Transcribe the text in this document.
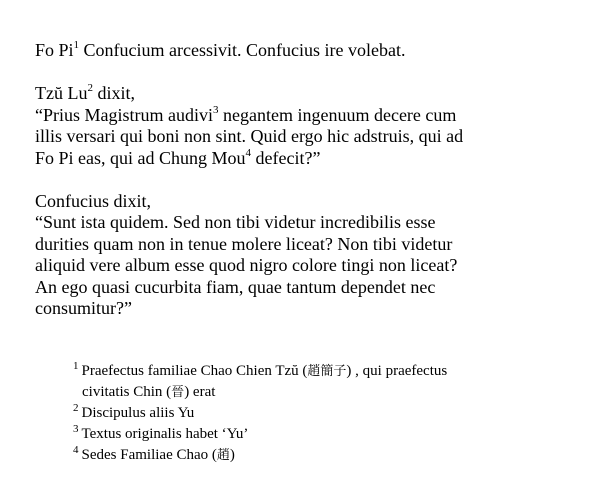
Fo Pi$^1$ Confucium arcessivit. Confucius ire volebat.
Tzŭ Lu$^2$ dixit,
“Prius Magistrum audivi$^3$ negantem ingenuum decere cum
illis versari qui boni non sint. Quid ergo hic adstruis, qui ad
Fo Pi eas, qui ad Chung Mou$^4$ defecit?”
Confucius dixit,
“Sunt ista quidem. Sed non tibi videtur incredibilis esse
durities quam non in tenue molere liceat? Non tibi videtur
aliquid vere album esse quod nigro colore tingi non liceat?
An ego quasi cucurbita fiam, quae tantum dependet nec
consumitur?”
$^1$ Praefectus familiae Chao Chien Tzŭ (趙簡子) , qui praefectus
civitatis Chin (晉) erat
$^2$ Discipulus aliis Yu
$^3$ Textus originalis habet ‘Yu’
$^4$ Sedes Familiae Chao (趙)
